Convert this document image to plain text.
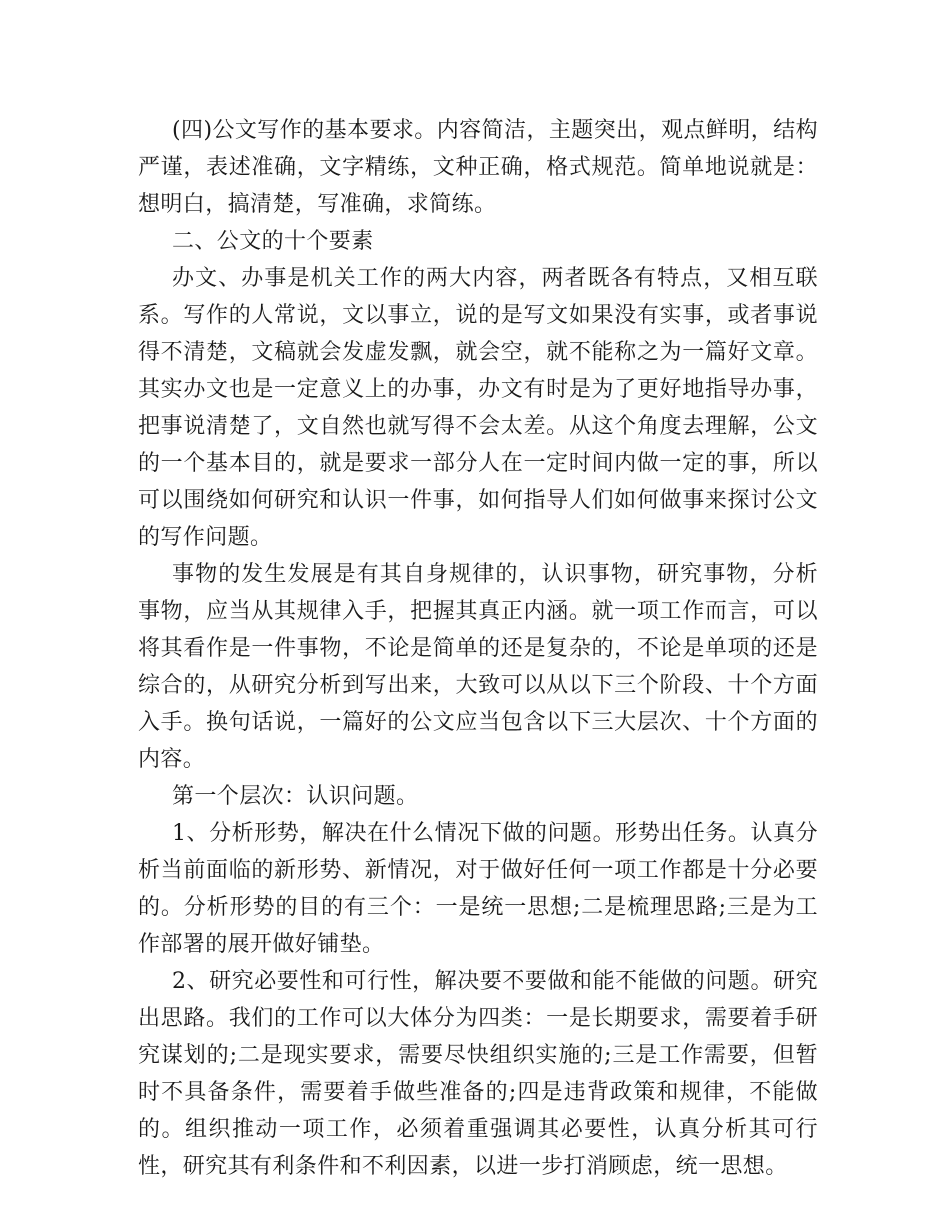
(四)公文写作的基本要求。内容简洁，主题突出，观点鲜明，结构严谨，表述准确，文字精练，文种正确，格式规范。简单地说就是：想明白，搞清楚，写准确，求简练。

二、公文的十个要素

办文、办事是机关工作的两大内容，两者既各有特点，又相互联系。写作的人常说，文以事立，说的是写文如果没有实事，或者事说得不清楚，文稿就会发虚发飘，就会空，就不能称之为一篇好文章。其实办文也是一定意义上的办事，办文有时是为了更好地指导办事，把事说清楚了，文自然也就写得不会太差。从这个角度去理解，公文的一个基本目的，就是要求一部分人在一定时间内做一定的事，所以可以围绕如何研究和认识一件事，如何指导人们如何做事来探讨公文的写作问题。

事物的发生发展是有其自身规律的，认识事物，研究事物，分析事物，应当从其规律入手，把握其真正内涵。就一项工作而言，可以将其看作是一件事物，不论是简单的还是复杂的，不论是单项的还是综合的，从研究分析到写出来，大致可以从以下三个阶段、十个方面入手。换句话说，一篇好的公文应当包含以下三大层次、十个方面的内容。

第一个层次：认识问题。

1、分析形势，解决在什么情况下做的问题。形势出任务。认真分析当前面临的新形势、新情况，对于做好任何一项工作都是十分必要的。分析形势的目的有三个：一是统一思想;二是梳理思路;三是为工作部署的展开做好铺垫。

2、研究必要性和可行性，解决要不要做和能不能做的问题。研究出思路。我们的工作可以大体分为四类：一是长期要求，需要着手研究谋划的;二是现实要求，需要尽快组织实施的;三是工作需要，但暂时不具备条件，需要着手做些准备的;四是违背政策和规律，不能做的。组织推动一项工作，必须着重强调其必要性，认真分析其可行性，研究其有利条件和不利因素，以进一步打消顾虑，统一思想。
